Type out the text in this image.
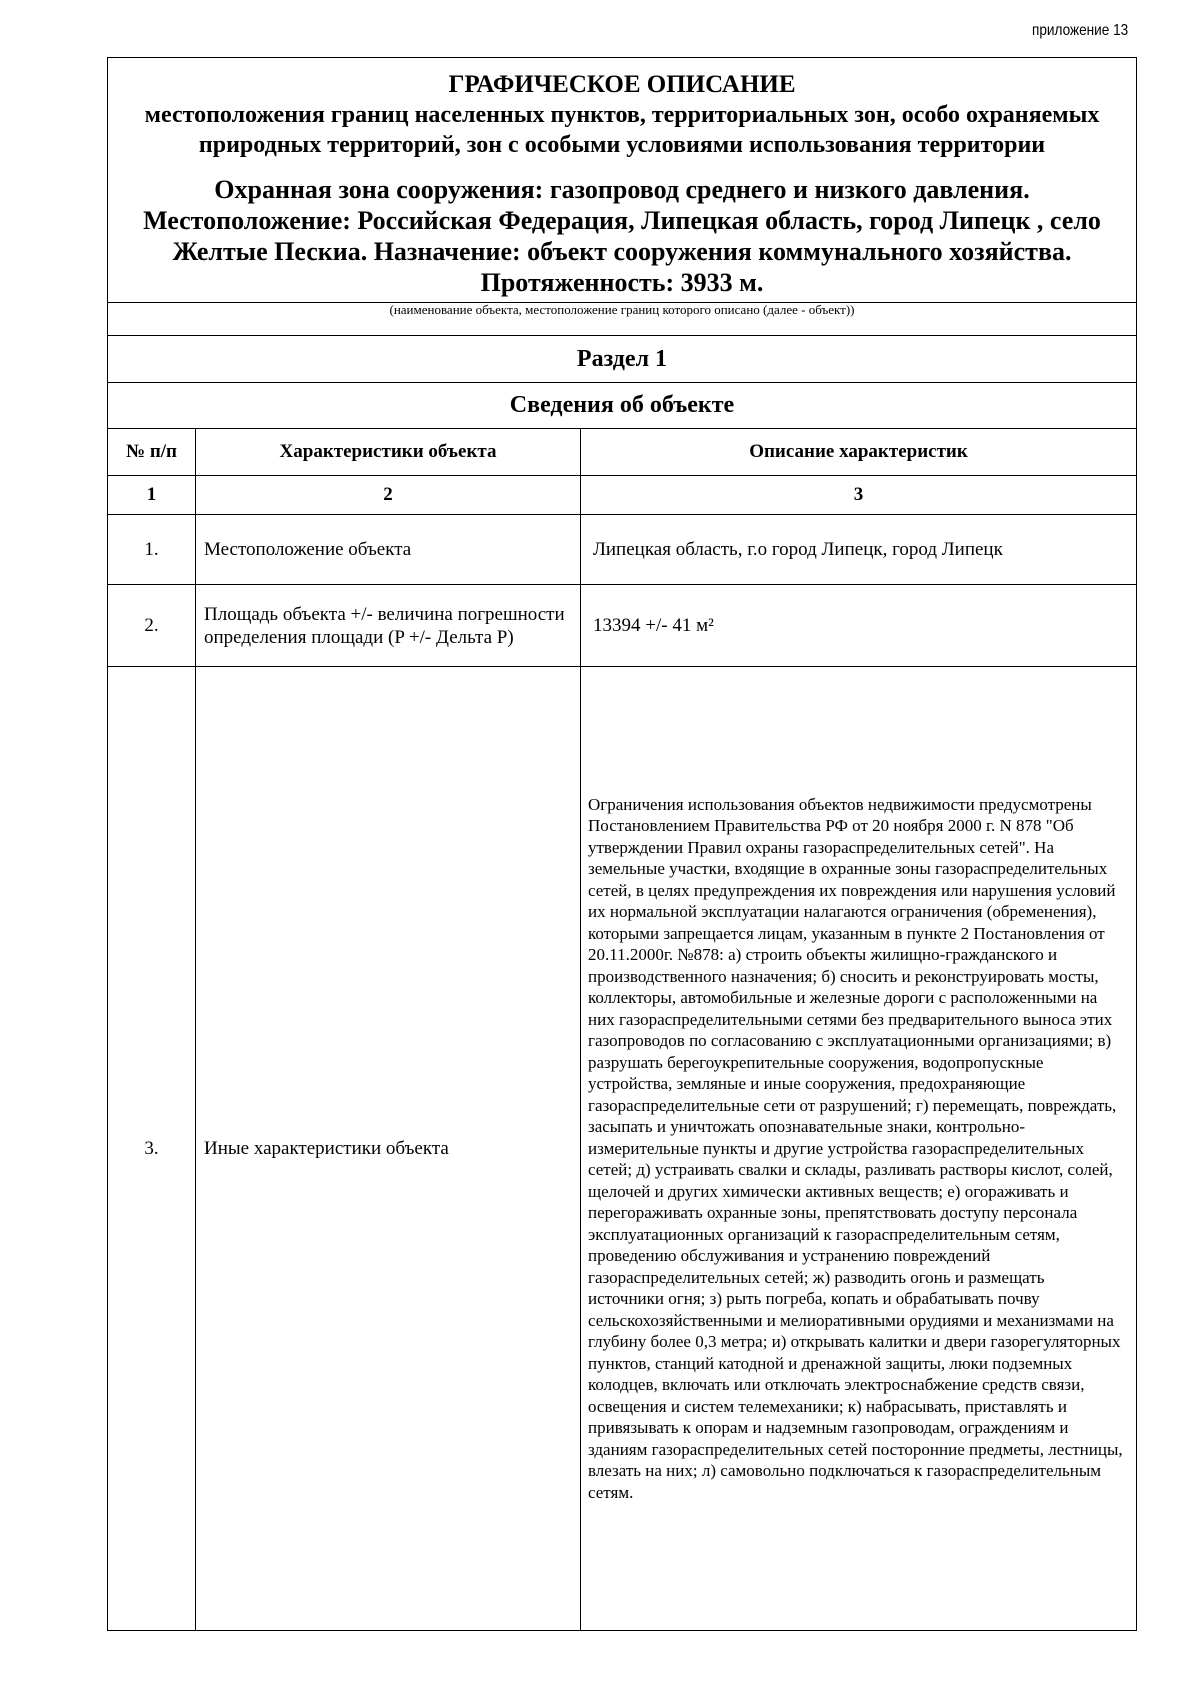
приложение 13
ГРАФИЧЕСКОЕ ОПИСАНИЕ
местоположения границ населенных пунктов, территориальных зон, особо охраняемых природных территорий, зон с особыми условиями использования территории
Охранная зона сооружения: газопровод среднего и низкого давления. Местоположение: Российская Федерация, Липецкая область, город Липецк , село Желтые Пескиа. Назначение: объект сооружения коммунального хозяйства. Протяженность: 3933 м.
(наименование объекта, местоположение границ которого описано (далее - объект))
Раздел 1
Сведения об объекте
№ п/п	Характеристики объекта	Описание характеристик
1	2	3
1.	Местоположение объекта	Липецкая область, г.о город Липецк, город Липецк
2.	Площадь объекта +/- величина погрешности определения площади (P +/- Дельта P)	13394 +/- 41 м²
3.	Иные характеристики объекта	Ограничения использования объектов недвижимости предусмотрены Постановлением Правительства РФ от 20 ноября 2000 г. N 878 "Об утверждении Правил охраны газораспределительных сетей". На земельные участки, входящие в охранные зоны газораспределительных сетей, в целях предупреждения их повреждения или нарушения условий их нормальной эксплуатации налагаются ограничения (обременения), которыми запрещается лицам, указанным в пункте 2 Постановления от 20.11.2000г. №878: а) строить объекты жилищно-гражданского и производственного назначения; б) сносить и реконструировать мосты, коллекторы, автомобильные и железные дороги с расположенными на них газораспределительными сетями без предварительного выноса этих газопроводов по согласованию с эксплуатационными организациями; в) разрушать берегоукрепительные сооружения, водопропускные устройства, земляные и иные сооружения, предохраняющие газораспределительные сети от разрушений; г) перемещать, повреждать, засыпать и уничтожать опознавательные знаки, контрольно-измерительные пункты и другие устройства газораспределительных сетей; д) устраивать свалки и склады, разливать растворы кислот, солей, щелочей и других химически активных веществ; е) огораживать и перегораживать охранные зоны, препятствовать доступу персонала эксплуатационных организаций к газораспределительным сетям, проведению обслуживания и устранению повреждений газораспределительных сетей; ж) разводить огонь и размещать источники огня; з) рыть погреба, копать и обрабатывать почву сельскохозяйственными и мелиоративными орудиями и механизмами на глубину более 0,3 метра; и) открывать калитки и двери газорегуляторных пунктов, станций катодной и дренажной защиты, люки подземных колодцев, включать или отключать электроснабжение средств связи, освещения и систем телемеханики; к) набрасывать, приставлять и привязывать к опорам и надземным газопроводам, ограждениям и зданиям газораспределительных сетей посторонние предметы, лестницы, влезать на них; л) самовольно подключаться к газораспределительным сетям.
